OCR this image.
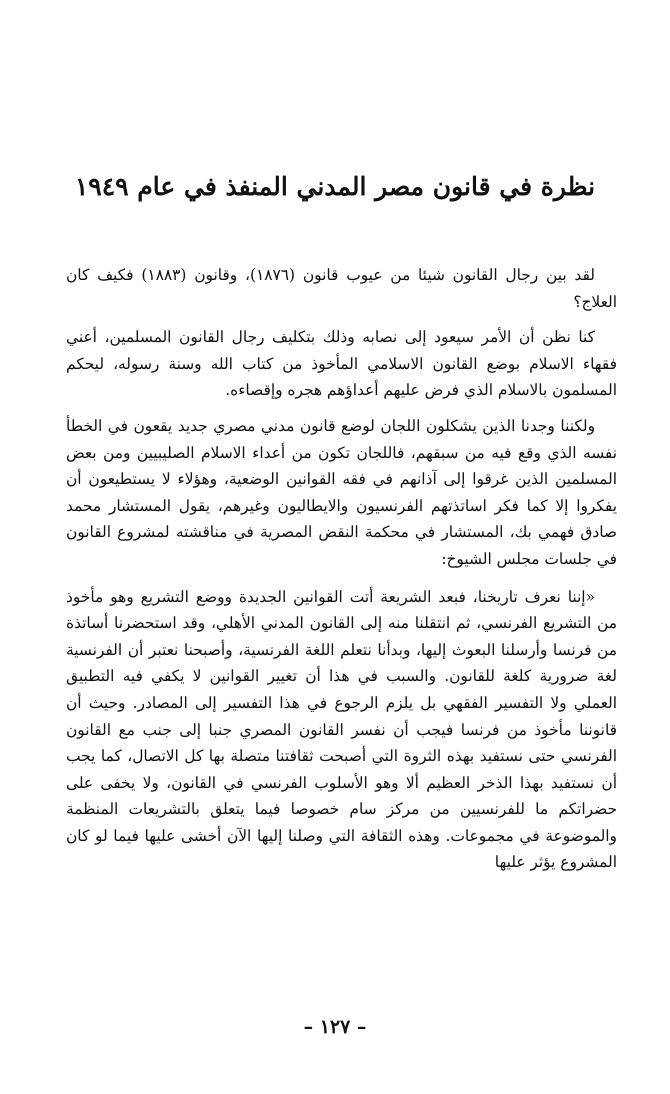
نظرة في قانون مصر المدني المنفذ في عام ١٩٤٩

لقد بين رجال القانون شيئا من عيوب قانون (١٨٧٦)، وقانون (١٨٨٣) فكيف كان العلاج؟

كنا نظن أن الأمر سيعود إلى نصابه وذلك بتكليف رجال القانون المسلمين، أعني فقهاء الاسلام بوضع القانون الاسلامي المأخوذ من كتاب الله وسنة رسوله، ليحكم المسلمون بالاسلام الذي فرض عليهم أعداؤهم هجره وإقصاءه.

ولكننا وجدنا الذين يشكلون اللجان لوضع قانون مدني مصري جديد يقعون في الخطأ نفسه الذي وقع فيه من سبقهم، فاللجان تكون من أعداء الاسلام الصليبيين ومن بعض المسلمين الذين غرقوا إلى آذانهم في فقه القوانين الوضعية، وهؤلاء لا يستطيعون أن يفكروا إلا كما فكر اساتذتهم الفرنسيون والايطاليون وغيرهم، يقول المستشار محمد صادق فهمي بك، المستشار في محكمة النقض المصرية في مناقشته لمشروع القانون في جلسات مجلس الشيوخ:

«إننا نعرف تاريخنا، فبعد الشريعة أتت القوانين الجديدة ووضع التشريع وهو مأخوذ من التشريع الفرنسي، ثم انتقلنا منه إلى القانون المدني الأهلي، وقد استحضرنا أساتذة من فرنسا وأرسلنا البعوث إليها، وبدأنا نتعلم اللغة الفرنسية، وأصبحنا نعتبر أن الفرنسية لغة ضرورية كلغة للقانون. والسبب في هذا أن تغيير القوانين لا يكفي فيه التطبيق العملي ولا التفسير الفقهي بل يلزم الرجوع في هذا التفسير إلى المصادر. وحيث أن قانوننا مأخوذ من فرنسا فيجب أن نفسر القانون المصري جنبا إلى جنب مع القانون الفرنسي حتى نستفيد بهذه الثروة التي أصبحت ثقافتنا متصلة بها كل الاتصال، كما يجب أن نستفيد بهذا الذخر العظيم ألا وهو الأسلوب الفرنسي في القانون، ولا يخفى على حضراتكم ما للفرنسيين من مركز سام خصوصا فيما يتعلق بالتشريعات المنظمة والموضوعة في مجموعات. وهذه الثقافة التي وصلنا إليها الآن أخشى عليها فيما لو كان المشروع يؤثر عليها

– ١٢٧ –
